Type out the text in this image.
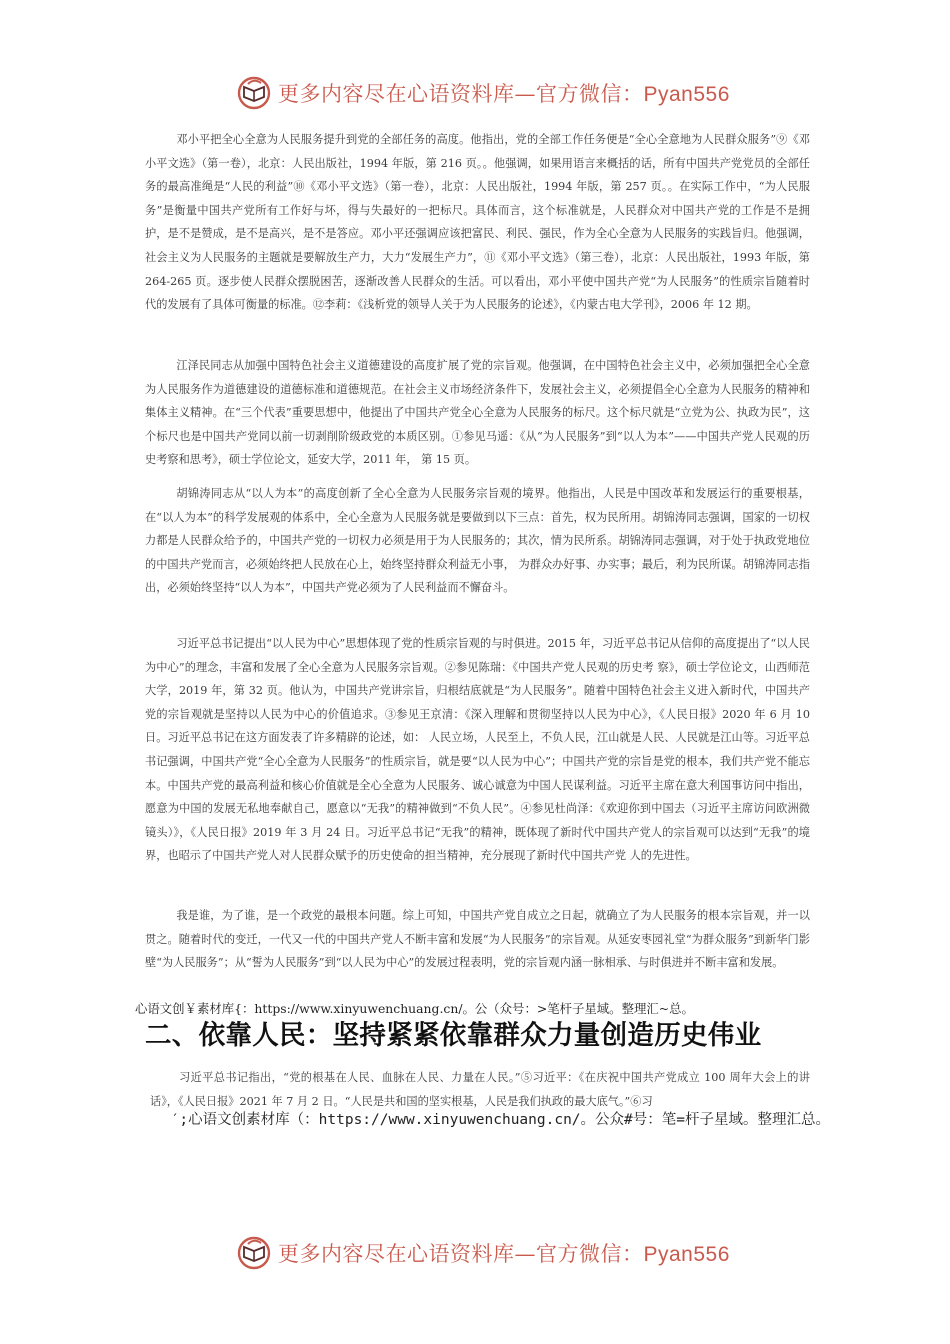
更多内容尽在心语资料库—官方微信：Pyan556

邓小平把全心全意为人民服务提升到党的全部任务的高度。他指出，党的全部工作任务便是“全心全意地为人民群众服务”⑨《邓小平文选》（第一卷），北京：人民出版社，1994 年版，第 216 页。。他强调，如果用语言来概括的话，所有中国共产党党员的全部任务的最高准绳是“人民的利益”⑩《邓小平文选》（第一卷），北京：人民出版社，1994 年版，第 257 页。。在实际工作中，“为人民服务”是衡量中国共产党所有工作好与坏，得与失最好的一把标尺。具体而言，这个标准就是，人民群众对中国共产党的工作是不是拥护，是不是赞成，是不是高兴，是不是答应。邓小平还强调应该把富民、利民、强民，作为全心全意为人民服务的实践旨归。他强调，社会主义为人民服务的主题就是要解放生产力，大力“发展生产力”，⑪《邓小平文选》（第三卷），北京：人民出版社，1993 年版，第 264-265 页。逐步使人民群众摆脱困苦，逐渐改善人民群众的生活。可以看出，邓小平使中国共产党“为人民服务”的性质宗旨随着时代的发展有了具体可衡量的标准。⑫李莉：《浅析党的领导人关于为人民服务的论述》，《内蒙古电大学刊》，2006 年 12 期。

江泽民同志从加强中国特色社会主义道德建设的高度扩展了党的宗旨观。他强调，在中国特色社会主义中，必须加强把全心全意为人民服务作为道德建设的道德标准和道德规范。在社会主义市场经济条件下，发展社会主义，必须提倡全心全意为人民服务的精神和集体主义精神。在“三个代表”重要思想中，他提出了中国共产党全心全意为人民服务的标尺。这个标尺就是“立党为公、执政为民”，这个标尺也是中国共产党同以前一切剥削阶级政党的本质区别。①参见马遥：《从“为人民服务”到“以人为本”——中国共产党人民观的历史考察和思考》，硕士学位论文，延安大学，2011 年， 第 15 页。

胡锦涛同志从“以人为本”的高度创新了全心全意为人民服务宗旨观的境界。他指出，人民是中国改革和发展运行的重要根基，在“以人为本”的科学发展观的体系中，全心全意为人民服务就是要做到以下三点：首先，权为民所用。胡锦涛同志强调，国家的一切权力都是人民群众给予的，中国共产党的一切权力必须是用于为人民服务的；其次，情为民所系。胡锦涛同志强调，对于处于执政党地位的中国共产党而言，必须始终把人民放在心上，始终坚持群众利益无小事， 为群众办好事、办实事；最后，利为民所谋。胡锦涛同志指出，必须始终坚持“以人为本”，中国共产党必须为了人民利益而不懈奋斗。

习近平总书记提出“以人民为中心”思想体现了党的性质宗旨观的与时俱进。2015 年，习近平总书记从信仰的高度提出了“以人民为中心”的理念，丰富和发展了全心全意为人民服务宗旨观。②参见陈瑞：《中国共产党人民观的历史考 察》，硕士学位论文，山西师范大学，2019 年，第 32 页。他认为，中国共产党讲宗旨，归根结底就是“为人民服务”。随着中国特色社会主义进入新时代，中国共产党的宗旨观就是坚持以人民为中心的价值追求。③参见王京清：《深入理解和贯彻坚持以人民为中心》，《人民日报》2020 年 6 月 10 日。习近平总书记在这方面发表了许多精辟的论述，如： 人民立场，人民至上，不负人民，江山就是人民、人民就是江山等。习近平总书记强调，中国共产党“全心全意为人民服务”的性质宗旨，就是要“以人民为中心”；中国共产党的宗旨是党的根本，我们共产党不能忘本。中国共产党的最高利益和核心价值就是全心全意为人民服务、诚心诚意为中国人民谋利益。习近平主席在意大利国事访问中指出，愿意为中国的发展无私地奉献自己，愿意以“无我”的精神做到“不负人民”。④参见杜尚泽：《欢迎你到中国去（习近平主席访问欧洲微镜头）》，《人民日报》2019 年 3 月 24 日。习近平总书记“无我”的精神，既体现了新时代中国共产党人的宗旨观可以达到“无我”的境界，也昭示了中国共产党人对人民群众赋予的历史使命的担当精神，充分展现了新时代中国共产党 人的先进性。

我是谁，为了谁，是一个政党的最根本问题。综上可知，中国共产党自成立之日起，就确立了为人民服务的根本宗旨观，并一以贯之。随着时代的变迁，一代又一代的中国共产党人不断丰富和发展“为人民服务”的宗旨观。从延安枣园礼堂“为群众服务”到新华门影壁“为人民服务”；从“誓为人民服务”到“以人民为中心”的发展过程表明，党的宗旨观内涵一脉相承、与时俱进并不断丰富和发展。

心语文创￥素材库{：https://www.xinyuwenchuang.cn/。公（众号：>笔杆子星域。整理汇~总。

二、依靠人民：坚持紧紧依靠群众力量创造历史伟业

习近平总书记指出，“党的根基在人民、血脉在人民、力量在人民。”⑤习近平：《在庆祝中国共产党成立 100 周年大会上的讲话》，《人民日报》2021 年 7 月 2 日。“人民是共和国的坚实根基，人民是我们执政的最大底气。”⑥习

′;心语文创素材库（：https://www.xinyuwenchuang.cn/。公众#号：笔=杆子星域。整理汇总。

更多内容尽在心语资料库—官方微信：Pyan556
